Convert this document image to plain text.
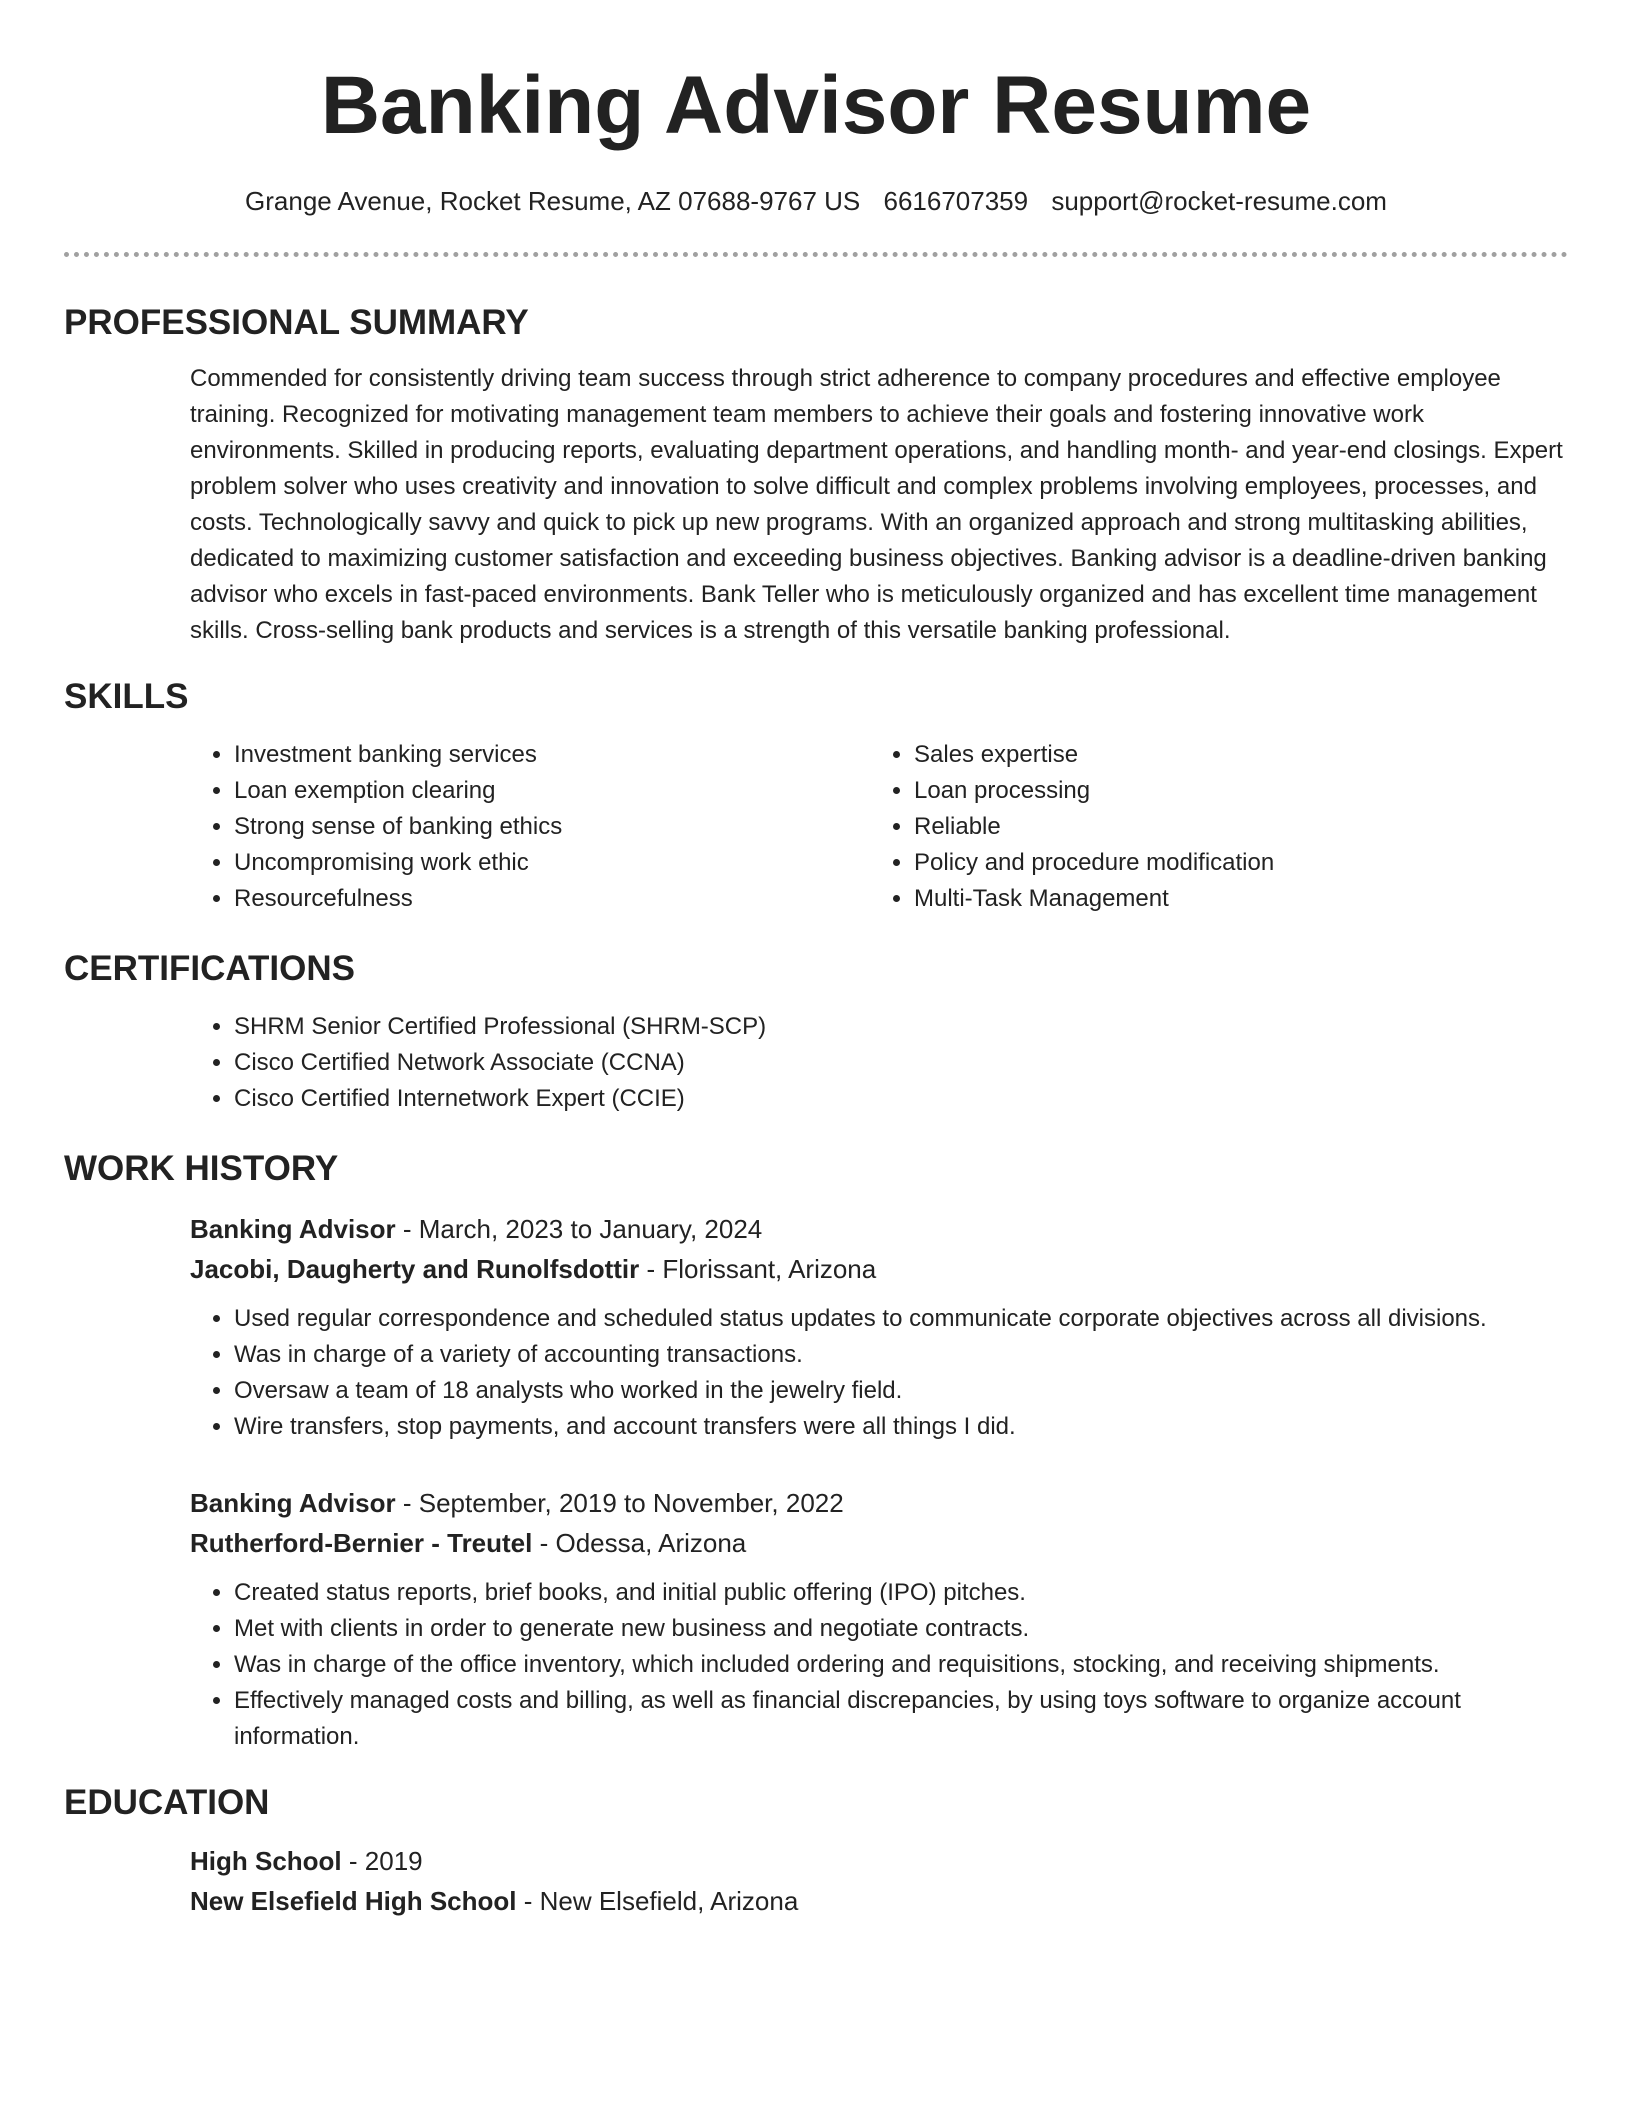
Banking Advisor Resume
Grange Avenue, Rocket Resume, AZ 07688-9767 US 6616707359 support@rocket-resume.com
PROFESSIONAL SUMMARY

Commended for consistently driving team success through strict adherence to company procedures and effective employee training. Recognized for motivating management team members to achieve their goals and fostering innovative work environments. Skilled in producing reports, evaluating department operations, and handling month- and year-end closings. Expert problem solver who uses creativity and innovation to solve difficult and complex problems involving employees, processes, and costs. Technologically savvy and quick to pick up new programs. With an organized approach and strong multitasking abilities, dedicated to maximizing customer satisfaction and exceeding business objectives. Banking advisor is a deadline-driven banking advisor who excels in fast-paced environments. Bank Teller who is meticulously organized and has excellent time management skills. Cross-selling bank products and services is a strength of this versatile banking professional.

SKILLS
• Investment banking services
• Loan exemption clearing
• Strong sense of banking ethics
• Uncompromising work ethic
• Resourcefulness
• Sales expertise
• Loan processing
• Reliable
• Policy and procedure modification
• Multi-Task Management
CERTIFICATIONS
• SHRM Senior Certified Professional (SHRM-SCP)
• Cisco Certified Network Associate (CCNA)
• Cisco Certified Internetwork Expert (CCIE)
WORK HISTORY
Banking Advisor - March, 2023 to January, 2024
Jacobi, Daugherty and Runolfsdottir - Florissant, Arizona
• Used regular correspondence and scheduled status updates to communicate corporate objectives across all divisions.
• Was in charge of a variety of accounting transactions.
• Oversaw a team of 18 analysts who worked in the jewelry field.
• Wire transfers, stop payments, and account transfers were all things I did.
Banking Advisor - September, 2019 to November, 2022
Rutherford-Bernier - Treutel - Odessa, Arizona
• Created status reports, brief books, and initial public offering (IPO) pitches.
• Met with clients in order to generate new business and negotiate contracts.
• Was in charge of the office inventory, which included ordering and requisitions, stocking, and receiving shipments.
• Effectively managed costs and billing, as well as financial discrepancies, by using toys software to organize account information.
EDUCATION
High School - 2019
New Elsefield High School - New Elsefield, Arizona
